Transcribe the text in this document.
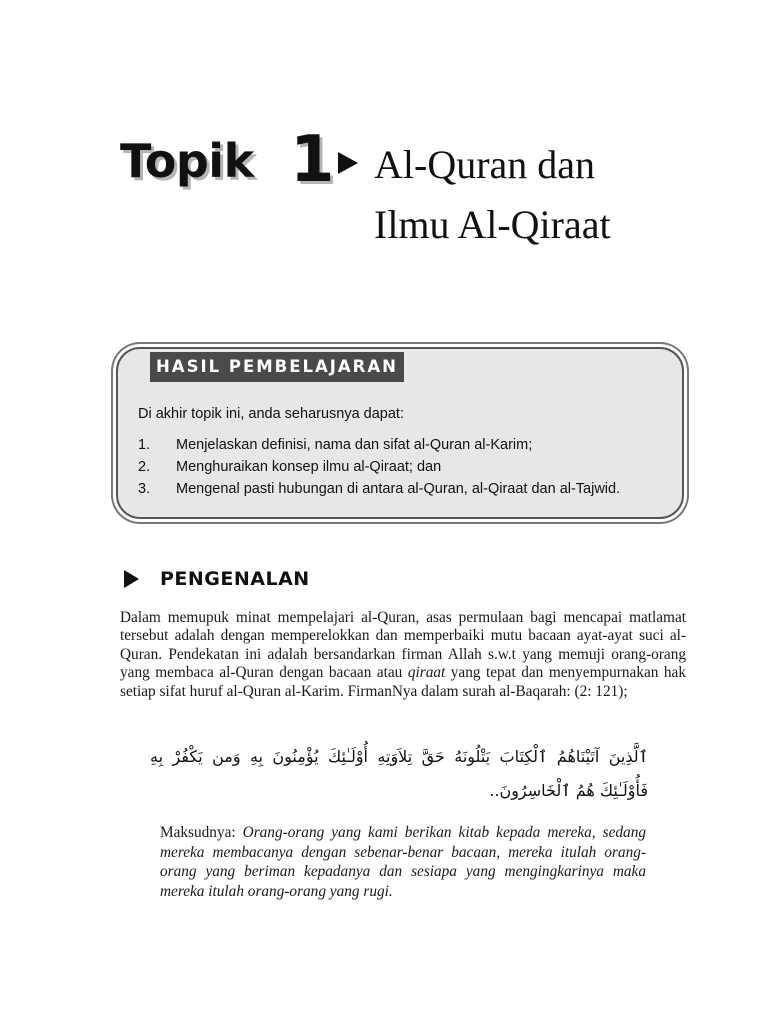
Topik 1 Al-Quran dan
Ilmu Al-Qiraat
HASIL PEMBELAJARAN
Di akhir topik ini, anda seharusnya dapat:
1.	Menjelaskan definisi, nama dan sifat al-Quran al-Karim;
2.	Menghuraikan konsep ilmu al-Qiraat; dan
3.	Mengenal pasti hubungan di antara al-Quran, al-Qiraat dan al-Tajwid.
PENGENALAN

Dalam memupuk minat mempelajari al-Quran, asas permulaan bagi mencapai matlamat tersebut adalah dengan memperelokkan dan memperbaiki mutu bacaan ayat-ayat suci al-Quran. Pendekatan ini adalah bersandarkan firman Allah s.w.t yang memuji orang-orang yang membaca al-Quran dengan bacaan atau qiraat yang tepat dan menyempurnakan hak setiap sifat huruf al-Quran al-Karim. FirmanNya dalam surah al-Baqarah: (2: 121);

ٱلَّذِينَ آتَيْنَاهُمُ ٱلْكِتَابَ يَتْلُونَهُ حَقَّ تِلاَوَتِهِ أُوْلَـٰئِكَ يُؤْمِنُونَ بِهِ وَمن يَكْفُرْ بِهِ فَأُوْلَـٰئِكَ هُمُ ٱلْخَاسِرُونَ..

Maksudnya: Orang-orang yang kami berikan kitab kepada mereka, sedang mereka membacanya dengan sebenar-benar bacaan, mereka itulah orang-orang yang beriman kepadanya dan sesiapa yang mengingkarinya maka mereka itulah orang-orang yang rugi.
